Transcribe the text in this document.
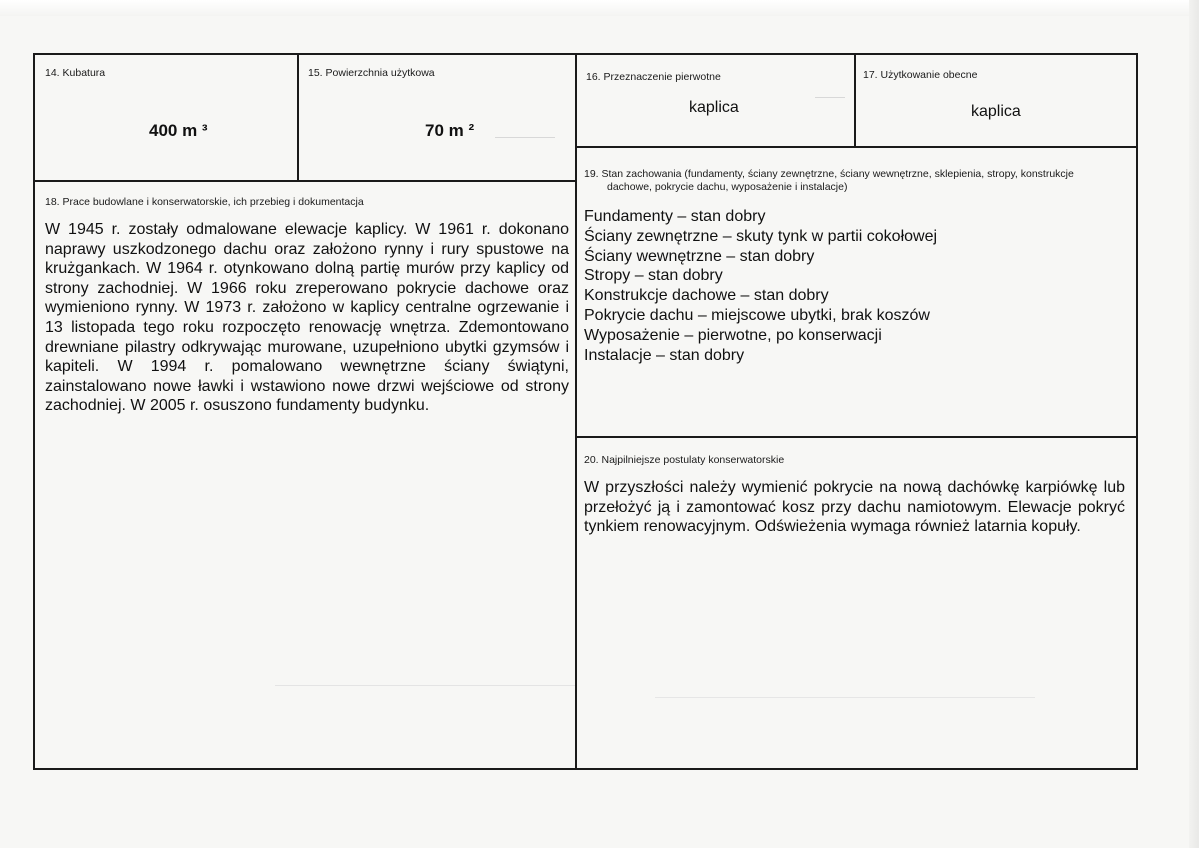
14. Kubatura
400 m ³
15. Powierzchnia użytkowa
70 m ²
16. Przeznaczenie pierwotne
kaplica
17. Użytkowanie obecne
kaplica
18. Prace budowlane i konserwatorskie, ich przebieg i dokumentacja
W 1945 r. zostały odmalowane elewacje kaplicy. W 1961 r. dokonano naprawy uszkodzonego dachu oraz założono rynny i rury spustowe na krużgankach. W 1964 r. otynkowano dolną partię murów przy kaplicy od strony zachodniej. W 1966 roku zreperowano pokrycie dachowe oraz wymieniono rynny. W 1973 r. założono w kaplicy centralne ogrzewanie i 13 listopada tego roku rozpoczęto renowację wnętrza. Zdemontowano drewniane pilastry odkrywając murowane, uzupełniono ubytki gzymsów i kapiteli. W 1994 r. pomalowano wewnętrzne ściany świątyni, zainstalowano nowe ławki i wstawiono nowe drzwi wejściowe od strony zachodniej. W 2005 r. osuszono fundamenty budynku.
19. Stan zachowania (fundamenty, ściany zewnętrzne, ściany wewnętrzne, sklepienia, stropy, konstrukcje
dachowe, pokrycie dachu, wyposażenie i instalacje)
Fundamenty – stan dobry
Ściany zewnętrzne – skuty tynk w partii cokołowej
Ściany wewnętrzne – stan dobry
Stropy – stan dobry
Konstrukcje dachowe – stan dobry
Pokrycie dachu – miejscowe ubytki, brak koszów
Wyposażenie – pierwotne, po konserwacji
Instalacje – stan dobry
20. Najpilniejsze postulaty konserwatorskie
W przyszłości należy wymienić pokrycie na nową dachówkę karpiówkę lub przełożyć ją i zamontować kosz przy dachu namiotowym. Elewacje pokryć tynkiem renowacyjnym. Odświeżenia wymaga również latarnia kopuły.
